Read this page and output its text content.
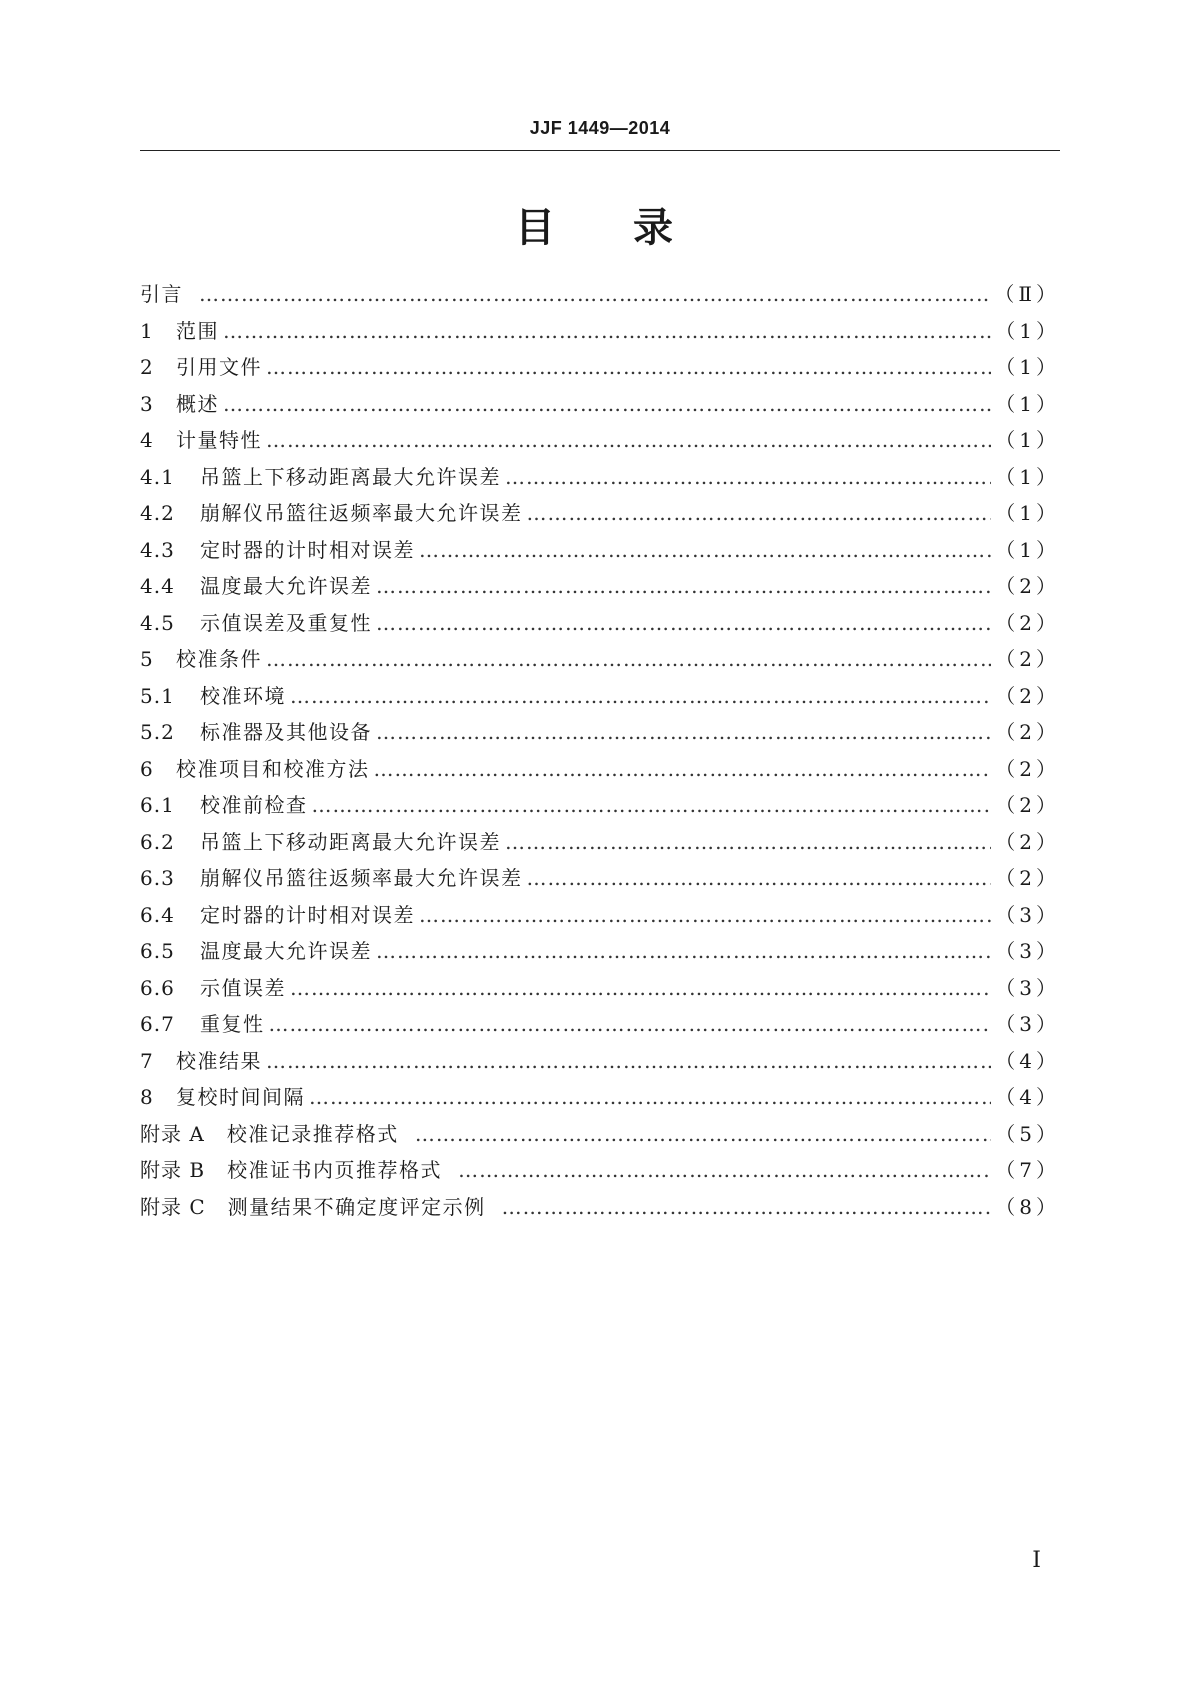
JJF 1449—2014
目 录
引言 ……………………………………………………………………………………………………………………………………………………………………………………………………	（Ⅱ）
1	范围 ……………………………………………………………………………………………………………………………………………………………………………………………………	（1）
2	引用文件 ……………………………………………………………………………………………………………………………………………………………………………………………………	（1）
3	概述 ……………………………………………………………………………………………………………………………………………………………………………………………………	（1）
4	计量特性 ……………………………………………………………………………………………………………………………………………………………………………………………………	（1）
4.1	吊篮上下移动距离最大允许误差 ……………………………………………………………………………………………………………………………………………………………………………………………………	（1）
4.2	崩解仪吊篮往返频率最大允许误差 ……………………………………………………………………………………………………………………………………………………………………………………………………	（1）
4.3	定时器的计时相对误差 ……………………………………………………………………………………………………………………………………………………………………………………………………	（1）
4.4	温度最大允许误差 ……………………………………………………………………………………………………………………………………………………………………………………………………	（2）
4.5	示值误差及重复性 ……………………………………………………………………………………………………………………………………………………………………………………………………	（2）
5	校准条件 ……………………………………………………………………………………………………………………………………………………………………………………………………	（2）
5.1	校准环境 ……………………………………………………………………………………………………………………………………………………………………………………………………	（2）
5.2	标准器及其他设备 ……………………………………………………………………………………………………………………………………………………………………………………………………	（2）
6	校准项目和校准方法 ……………………………………………………………………………………………………………………………………………………………………………………………………	（2）
6.1	校准前检查 ……………………………………………………………………………………………………………………………………………………………………………………………………	（2）
6.2	吊篮上下移动距离最大允许误差 ……………………………………………………………………………………………………………………………………………………………………………………………………	（2）
6.3	崩解仪吊篮往返频率最大允许误差 ……………………………………………………………………………………………………………………………………………………………………………………………………	（2）
6.4	定时器的计时相对误差 ……………………………………………………………………………………………………………………………………………………………………………………………………	（3）
6.5	温度最大允许误差 ……………………………………………………………………………………………………………………………………………………………………………………………………	（3）
6.6	示值误差 ……………………………………………………………………………………………………………………………………………………………………………………………………	（3）
6.7	重复性 ……………………………………………………………………………………………………………………………………………………………………………………………………	（3）
7	校准结果 ……………………………………………………………………………………………………………………………………………………………………………………………………	（4）
8	复校时间间隔 ……………………………………………………………………………………………………………………………………………………………………………………………………	（4）
附录 A 校准记录推荐格式 ……………………………………………………………………………………………………………………………………………………………………………………………………	（5）
附录 B 校准证书内页推荐格式 ……………………………………………………………………………………………………………………………………………………………………………………………………	（7）
附录 C 测量结果不确定度评定示例 ……………………………………………………………………………………………………………………………………………………………………………………………………	（8）
Ⅰ
